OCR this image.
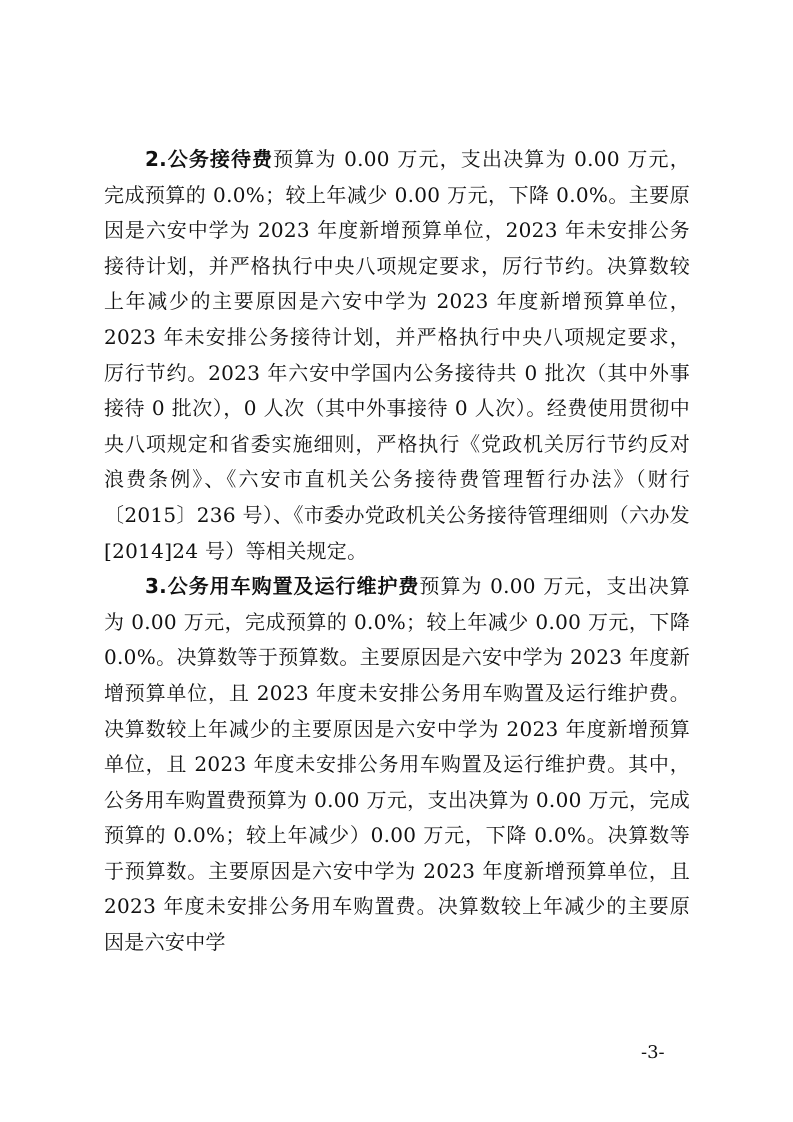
2.公务接待费预算为 0.00 万元，支出决算为 0.00 万元，完成预算的 0.0%；较上年减少 0.00 万元，下降 0.0%。主要原因是六安中学为 2023 年度新增预算单位，2023 年未安排公务接待计划，并严格执行中央八项规定要求，厉行节约。决算数较上年减少的主要原因是六安中学为 2023 年度新增预算单位，2023 年未安排公务接待计划，并严格执行中央八项规定要求，厉行节约。2023 年六安中学国内公务接待共 0 批次（其中外事接待 0 批次），0 人次（其中外事接待 0 人次）。经费使用贯彻中央八项规定和省委实施细则，严格执行《党政机关厉行节约反对浪费条例》、《六安市直机关公务接待费管理暂行办法》（财行〔2015〕236 号）、《市委办党政机关公务接待管理细则（六办发[2014]24 号）等相关规定。

3.公务用车购置及运行维护费预算为 0.00 万元，支出决算为 0.00 万元，完成预算的 0.0%；较上年减少 0.00 万元，下降 0.0%。决算数等于预算数。主要原因是六安中学为 2023 年度新增预算单位，且 2023 年度未安排公务用车购置及运行维护费。决算数较上年减少的主要原因是六安中学为 2023 年度新增预算单位，且 2023 年度未安排公务用车购置及运行维护费。其中，公务用车购置费预算为 0.00 万元，支出决算为 0.00 万元，完成预算的 0.0%；较上年减少）0.00 万元，下降 0.0%。决算数等于预算数。主要原因是六安中学为 2023 年度新增预算单位，且 2023 年度未安排公务用车购置费。决算数较上年减少的主要原因是六安中学

-3-
